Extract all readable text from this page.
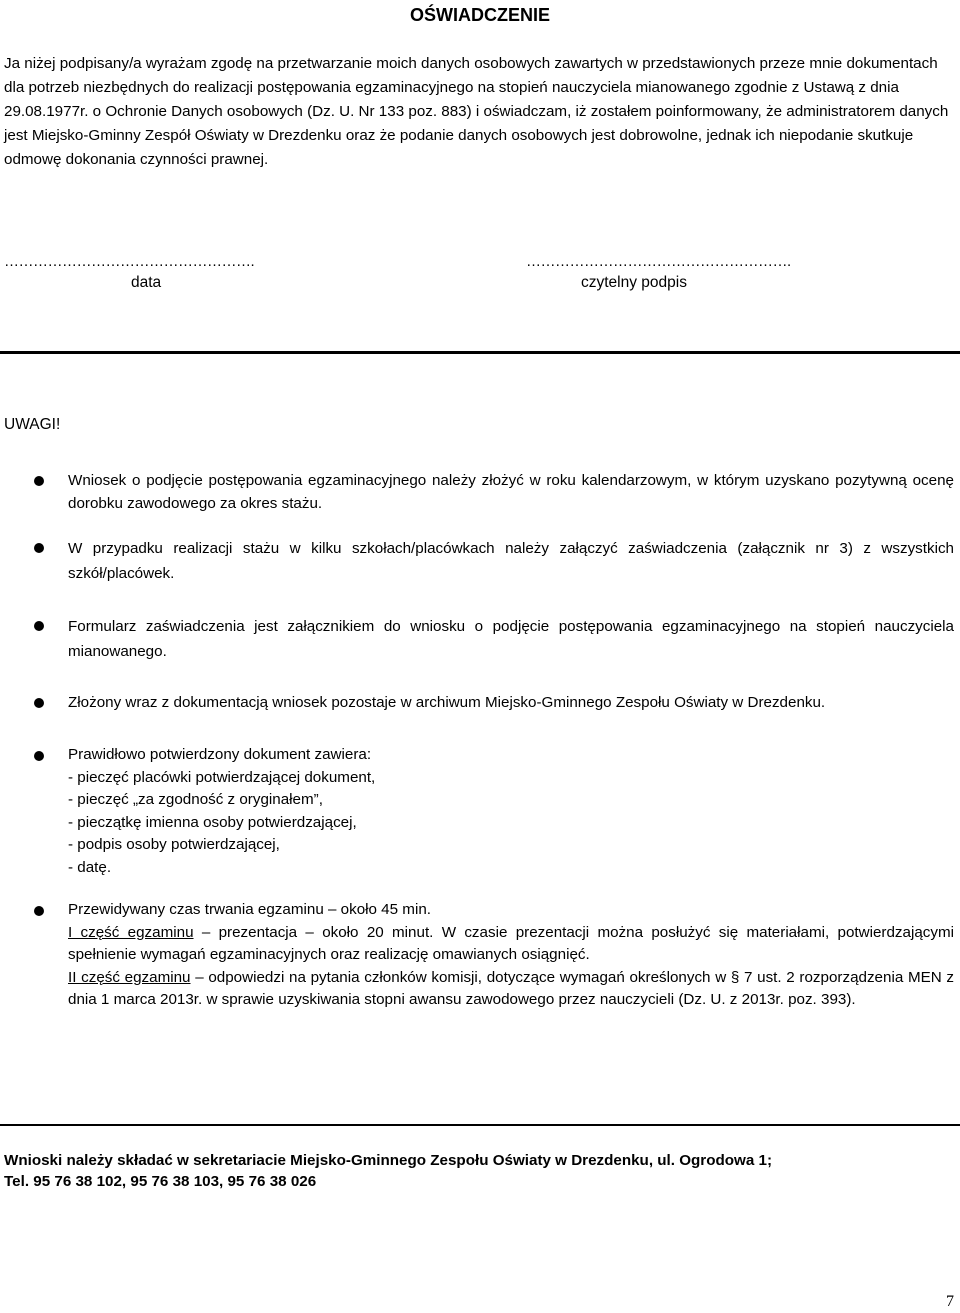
OŚWIADCZENIE

Ja niżej podpisany/a wyrażam zgodę na przetwarzanie moich danych osobowych zawartych w przedstawionych przeze mnie dokumentach dla potrzeb niezbędnych do realizacji postępowania egzaminacyjnego na stopień nauczyciela mianowanego zgodnie z Ustawą z dnia 29.08.1977r. o Ochronie Danych osobowych (Dz. U. Nr 133 poz. 883) i oświadczam, iż zostałem poinformowany, że administratorem danych jest Miejsko-Gminny Zespół Oświaty w Drezdenku oraz że podanie danych osobowych jest dobrowolne, jednak ich niepodanie skutkuje odmowę dokonania czynności prawnej.

…………………………………………….
data
……………………………………………….
czytelny podpis
UWAGI!
Wniosek o podjęcie postępowania egzaminacyjnego należy złożyć w roku kalendarzowym, w którym uzyskano pozytywną ocenę dorobku zawodowego za okres stażu.
W przypadku realizacji stażu w kilku szkołach/placówkach należy załączyć zaświadczenia (załącznik nr 3) z wszystkich szkół/placówek.
Formularz zaświadczenia jest załącznikiem do wniosku o podjęcie postępowania egzaminacyjnego na stopień nauczyciela mianowanego.
Złożony wraz z dokumentacją wniosek pozostaje w archiwum Miejsko-Gminnego Zespołu Oświaty w Drezdenku.
Prawidłowo potwierdzony dokument zawiera:
- pieczęć placówki potwierdzającej dokument,
- pieczęć „za zgodność z oryginałem”,
- pieczątkę imienna osoby potwierdzającej,
- podpis osoby potwierdzającej,
- datę.
Przewidywany czas trwania egzaminu – około 45 min.
I część egzaminu – prezentacja – około 20 minut. W czasie prezentacji można posłużyć się materiałami, potwierdzającymi spełnienie wymagań egzaminacyjnych oraz realizację omawianych osiągnięć.
II część egzaminu – odpowiedzi na pytania członków komisji, dotyczące wymagań określonych w § 7 ust. 2 rozporządzenia MEN z dnia 1 marca 2013r. w sprawie uzyskiwania stopni awansu zawodowego przez nauczycieli (Dz. U. z 2013r. poz. 393).
Wnioski należy składać w sekretariacie Miejsko-Gminnego Zespołu Oświaty w Drezdenku, ul. Ogrodowa 1;
Tel. 95 76 38 102, 95 76 38 103, 95 76 38 026
7
